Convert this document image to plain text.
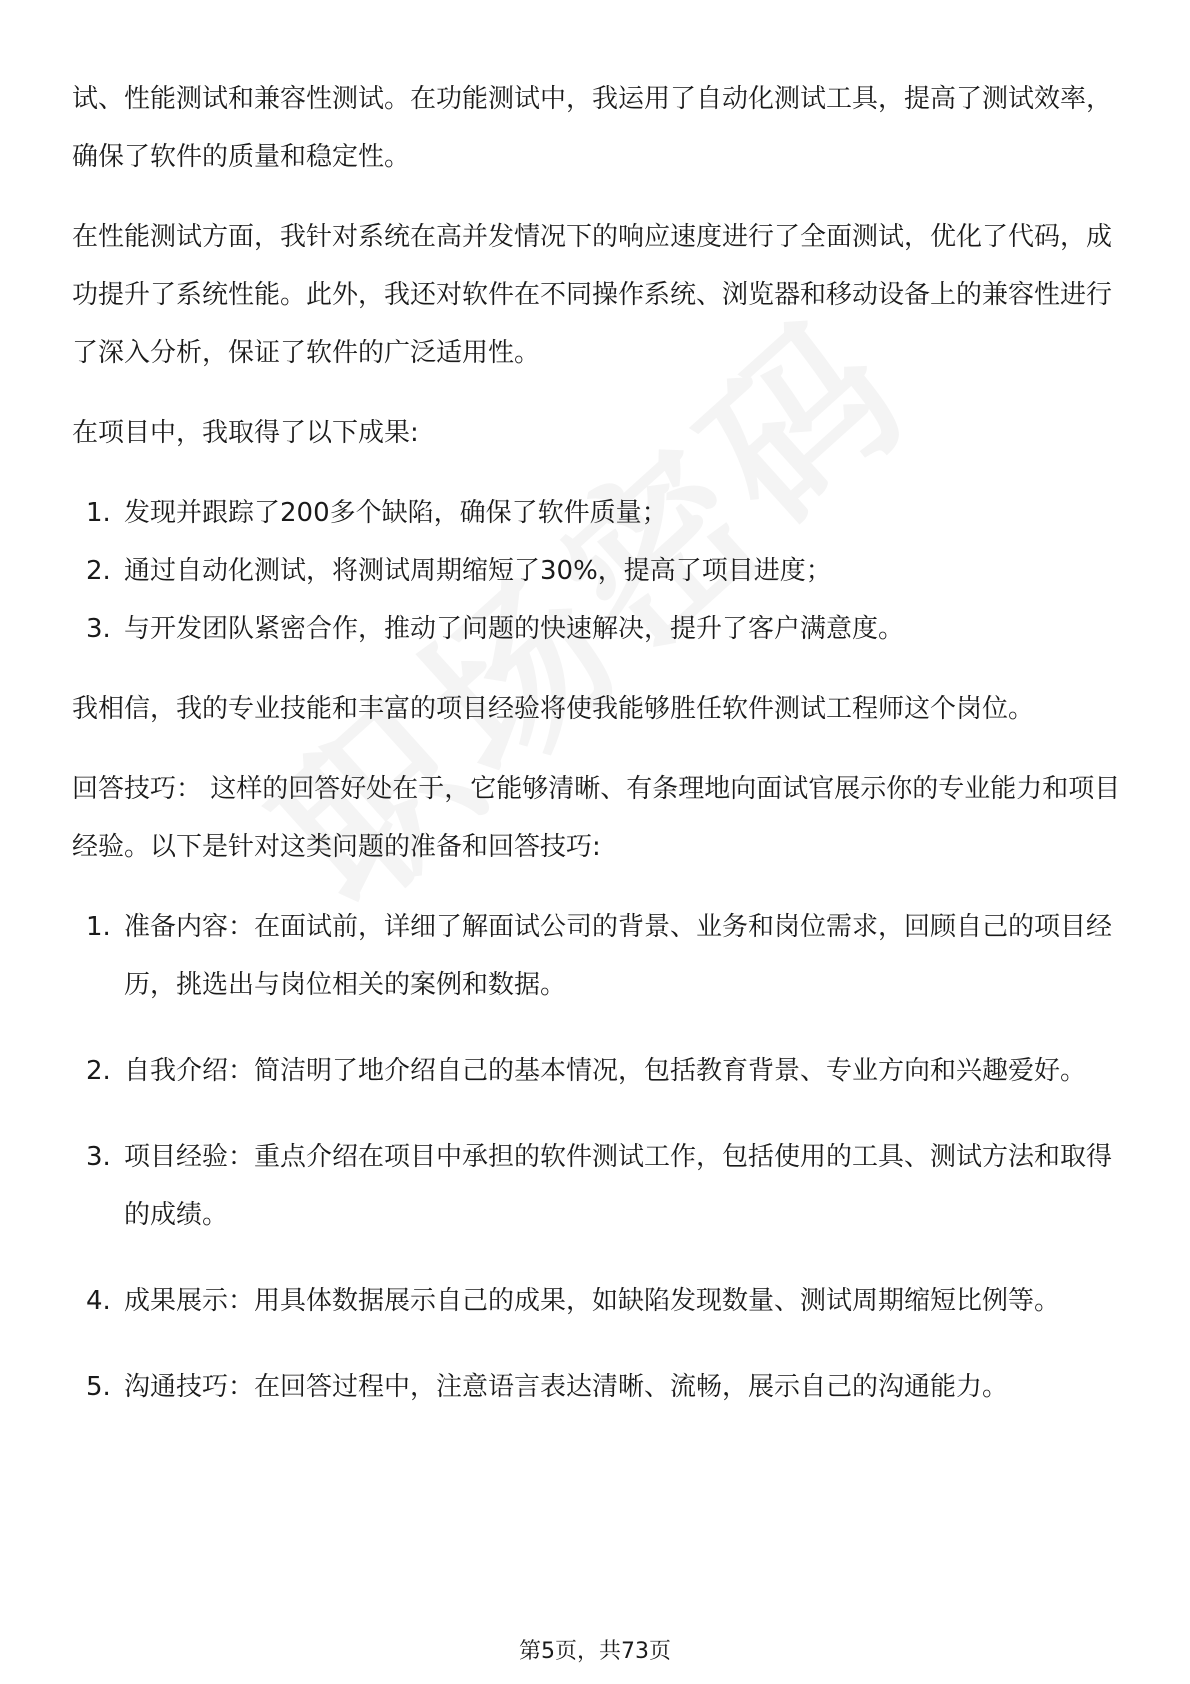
试、性能测试和兼容性测试。在功能测试中，我运用了自动化测试工具，提高了测试效率，确保了软件的质量和稳定性。

在性能测试方面，我针对系统在高并发情况下的响应速度进行了全面测试，优化了代码，成功提升了系统性能。此外，我还对软件在不同操作系统、浏览器和移动设备上的兼容性进行了深入分析，保证了软件的广泛适用性。

在项目中，我取得了以下成果:

1. 发现并跟踪了200多个缺陷，确保了软件质量；
2. 通过自动化测试，将测试周期缩短了30%，提高了项目进度；
3. 与开发团队紧密合作，推动了问题的快速解决，提升了客户满意度。

我相信，我的专业技能和丰富的项目经验将使我能够胜任软件测试工程师这个岗位。

回答技巧： 这样的回答好处在于，它能够清晰、有条理地向面试官展示你的专业能力和项目经验。以下是针对这类问题的准备和回答技巧:

1. 准备内容：在面试前，详细了解面试公司的背景、业务和岗位需求，回顾自己的项目经历，挑选出与岗位相关的案例和数据。
2. 自我介绍：简洁明了地介绍自己的基本情况，包括教育背景、专业方向和兴趣爱好。
3. 项目经验：重点介绍在项目中承担的软件测试工作，包括使用的工具、测试方法和取得的成绩。
4. 成果展示：用具体数据展示自己的成果，如缺陷发现数量、测试周期缩短比例等。
5. 沟通技巧：在回答过程中，注意语言表达清晰、流畅，展示自己的沟通能力。
第5页，共73页
